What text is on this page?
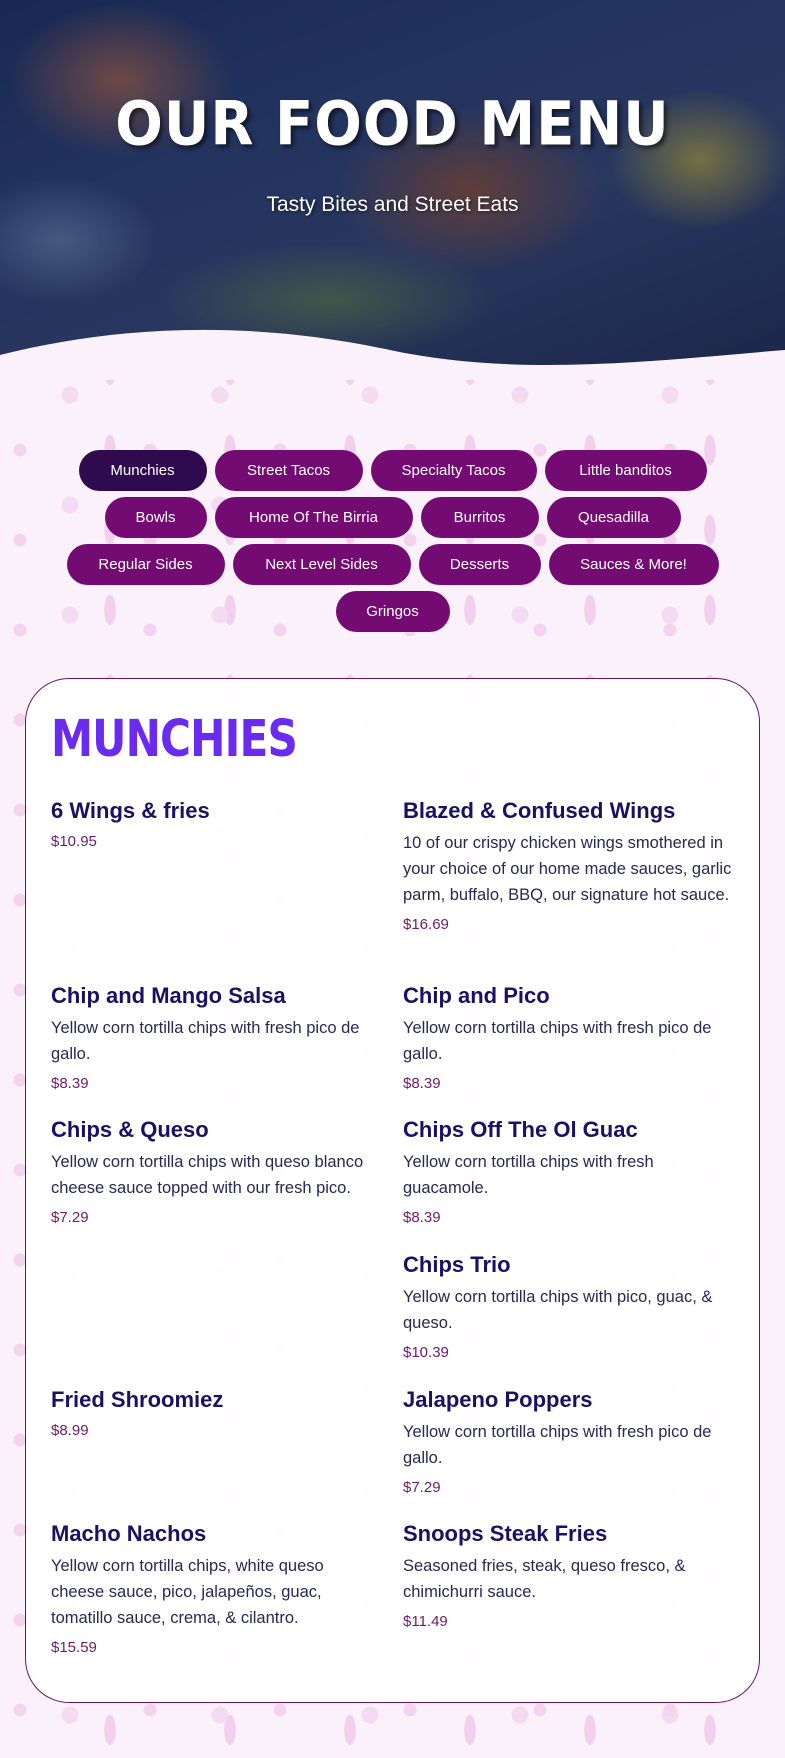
OUR FOOD MENU

Tasty Bites and Street Eats

Munchies	Street Tacos	Specialty Tacos	Little banditos
Bowls	Home Of The Birria	Burritos	Quesadilla
Regular Sides	Next Level Sides	Desserts	Sauces & More!
Gringos
MUNCHIES
6 Wings & fries

$10.95

Blazed & Confused Wings

10 of our crispy chicken wings smothered in your choice of our home made sauces, garlic parm, buffalo, BBQ, our signature hot sauce.

$16.69

Chip and Mango Salsa

Yellow corn tortilla chips with fresh pico de gallo.

$8.39

Chip and Pico

Yellow corn tortilla chips with fresh pico de gallo.

$8.39

Chips & Queso

Yellow corn tortilla chips with queso blanco cheese sauce topped with our fresh pico.

$7.29

Chips Off The Ol Guac

Yellow corn tortilla chips with fresh guacamole.

$8.39

Chips Trio

Yellow corn tortilla chips with pico, guac, & queso.

$10.39

Fried Shroomiez

$8.99

Jalapeno Poppers

Yellow corn tortilla chips with fresh pico de gallo.

$7.29

Macho Nachos

Yellow corn tortilla chips, white queso cheese sauce, pico, jalapeños, guac, tomatillo sauce, crema, & cilantro.

$15.59

Snoops Steak Fries

Seasoned fries, steak, queso fresco, & chimichurri sauce.

$11.49
